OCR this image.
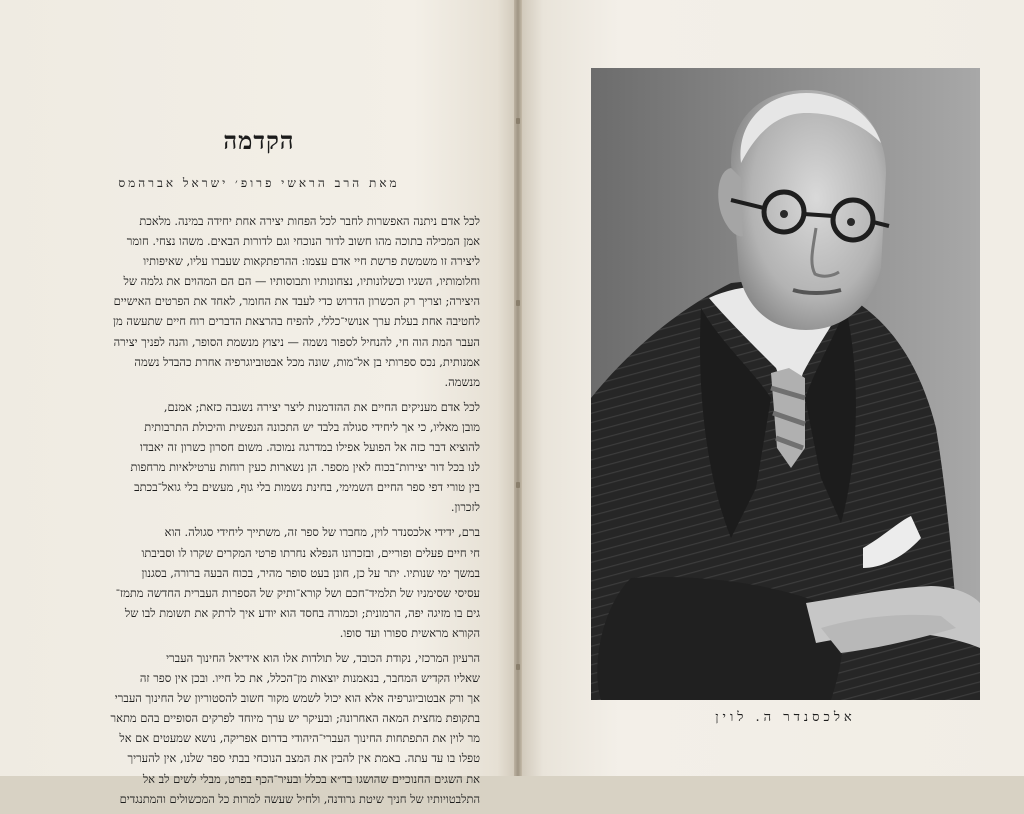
הקדמה
מאת הרב הראשי פרופ׳ ישראל אברהמס
לכל אדם ניתנה האפשרות לחבר לכל הפחות יצירה אחת יחידה במינה. מלאכת
אמן המכילה בתוכה מהו חשוב לדור הנוכחי וגם לדורות הבאים. משהו נצחי. חומר
ליצירה זו משמשת פרשת חיי אדם עצמו: ההרפתקאות שעברו עליו, שאיפותיו
וחלומותיו, השגיו וכשלונותיו, נצחונותיו ותבוסותיו — הם הם המהוים את גלמה של
היצירה; וצריך רק הכשרון הדרוש כדי לעבד את החומר, לאחד את הפרטים האישיים
לחטיבה אחת בעלת ערך אנושי־כללי, להפיח בהרצאת הדברים רוח חיים שתעשה מן
העבר המת הוה חי, להנחיל לספור נשמה — ניצוץ מנשמת הסופר, והנה לפניך יצירה
אמנותית, נכס ספרותי בן אל־מות, שונה מכל אבטוביוגרפיה אחרת כהבדל נשמה
מנשמה.
לכל אדם מעניקים החיים את ההזדמנות ליצר יצירה נשגבה כזאת; אמנם,
מובן מאליו, כי אך ליחידי סגולה בלבד יש התכונה הנפשית והיכולת התרבותית
להוציא דבר כזה אל הפועל אפילו במדרגה נמוכה. משום חסרון כשרון זה יאבדו
לנו בכל דור יצירות־בכוח לאין מספר. הן נשארות כעין רוחות ערטילאיות מרחפות
בין טורי דפי ספר החיים השמימי, בחינת נשמות בלי גוף, מעשים בלי גואל־בכתב
לזכרון.
ברם, ידידי אלכסנדר לוין, מחברו של ספר זה, משתייך ליחידי סגולה. הוא
חי חיים פעלים ופוריים, ובזכרונו הנפלא נחרתו פרטי המקרים שקרו לו וסביבתו
במשך ימי שנותיו. יתר על כן, חונן בעט סופר מהיר, בכוח הבעה ברורה, בסגנון
עסיסי שסימניו של תלמיד־חכם ושל קורא־ותיק של הספרות העברית החדשה מתמז־
גים בו מזיגה יפה, הרמונית; וכמורה בחסד הוא יודע איך לרתק את תשומת לבו של
הקורא מראשית ספורו ועד סופו.
הרעיון המרכזי, נקודת הכובד, של תולדות אלו הוא אידיאל החינוך העברי
שאליו הקדיש המחבר, בנאמנות יוצאות מן־הכלל, את כל חייו. ובכן אין ספר זה
אך ורק אבטוביוגרפיה אלא הוא יכול לשמש מקור חשוב להסטוריון של החינוך העברי
בתקופת מחצית המאה האחרונה; ובעיקר יש ערך מיוחד לפרקים הסופיים בהם מתאר
מר לוין את התפתחות החינוך העברי־היהודי בדרום אפריקה, נושא שמעטים אם אל
טפלו בו עד עתה. באמת אין להבין את המצב הנוכחי בבתי ספר שלנו, אין להעריך
את השגים החנוכיים שהושגו בד״א בכלל ובעיר־הכף בפרט, מבלי לשים לב אל
התלבטויותיו של חניך שיטת גרודנה, ולחיל שעשה למרות כל המכשולים והמתנגדים
אלכסנדר ה. לוין
